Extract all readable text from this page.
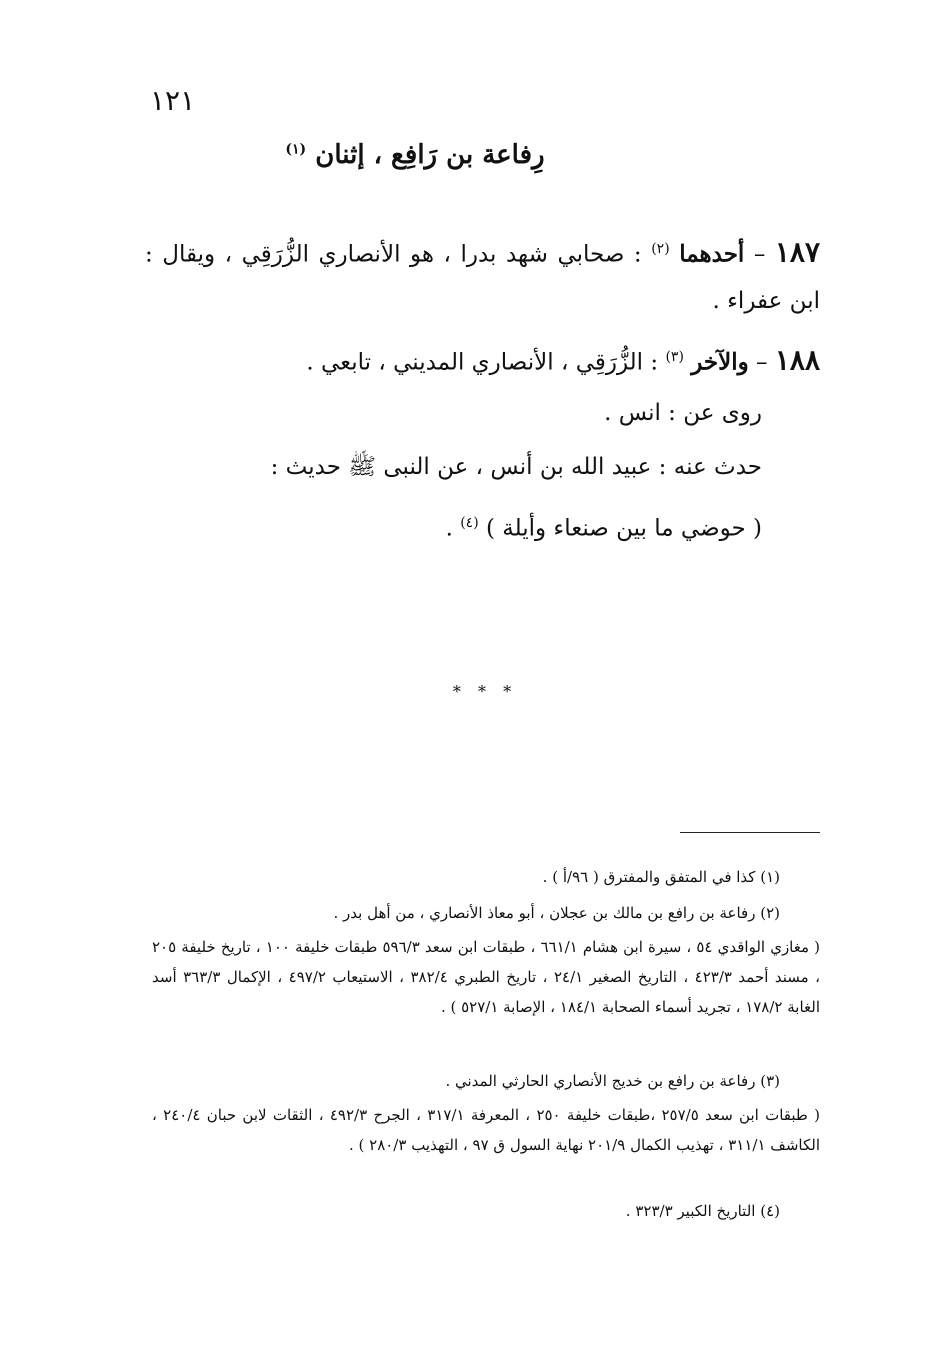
١٢١
رِفاعة بن رَافِع ، إثنان $^{(١)}$
١٨٧ – أحدهما $^{(٢)}$ : صحابي شهد بدرا ، هو الأنصاري الزُّرَقِي ، ويقال : ابن عفراء .
١٨٨ – والآخر $^{(٣)}$ : الزُّرَقِي ، الأنصاري المديني ، تابعي .
روى عن : انس .
حدث عنه : عبيد الله بن أنس ، عن النبى ﷺ حديث :
( حوضي ما بين صنعاء وأيلة ) $^{(٤)}$ .
* * *
(١) كذا في المتفق والمفترق ( ٩٦/أ ) .
(٢) رفاعة بن رافع بن مالك بن عجلان ، أبو معاذ الأنصاري ، من أهل بدر .
( مغازي الواقدي ٥٤ ، سيرة ابن هشام ٦٦١/١ ، طبقات ابن سعد ٥٩٦/٣ طبقات خليفة ١٠٠ ، تاريخ خليفة ٢٠٥ ، مسند أحمد ٤٢٣/٣ ، التاريخ الصغير ٢٤/١ ، تاريخ الطبري ٣٨٢/٤ ، الاستيعاب ٤٩٧/٢ ، الإكمال ٣٦٣/٣ أسد الغابة ١٧٨/٢ ، تجريد أسماء الصحابة ١٨٤/١ ، الإصابة ٥٢٧/١ ) .
(٣) رفاعة بن رافع بن خديج الأنصاري الحارثي المدني .
( طبقات ابن سعد ٢٥٧/٥ ،طبقات خليفة ٢٥٠ ، المعرفة ٣١٧/١ ، الجرح ٤٩٢/٣ ، الثقات لابن حبان ٢٤٠/٤ ، الكاشف ٣١١/١ ، تهذيب الكمال ٢٠١/٩ نهاية السول ق ٩٧ ، التهذيب ٢٨٠/٣ ) .
(٤) التاريخ الكبير ٣٢٣/٣ .
